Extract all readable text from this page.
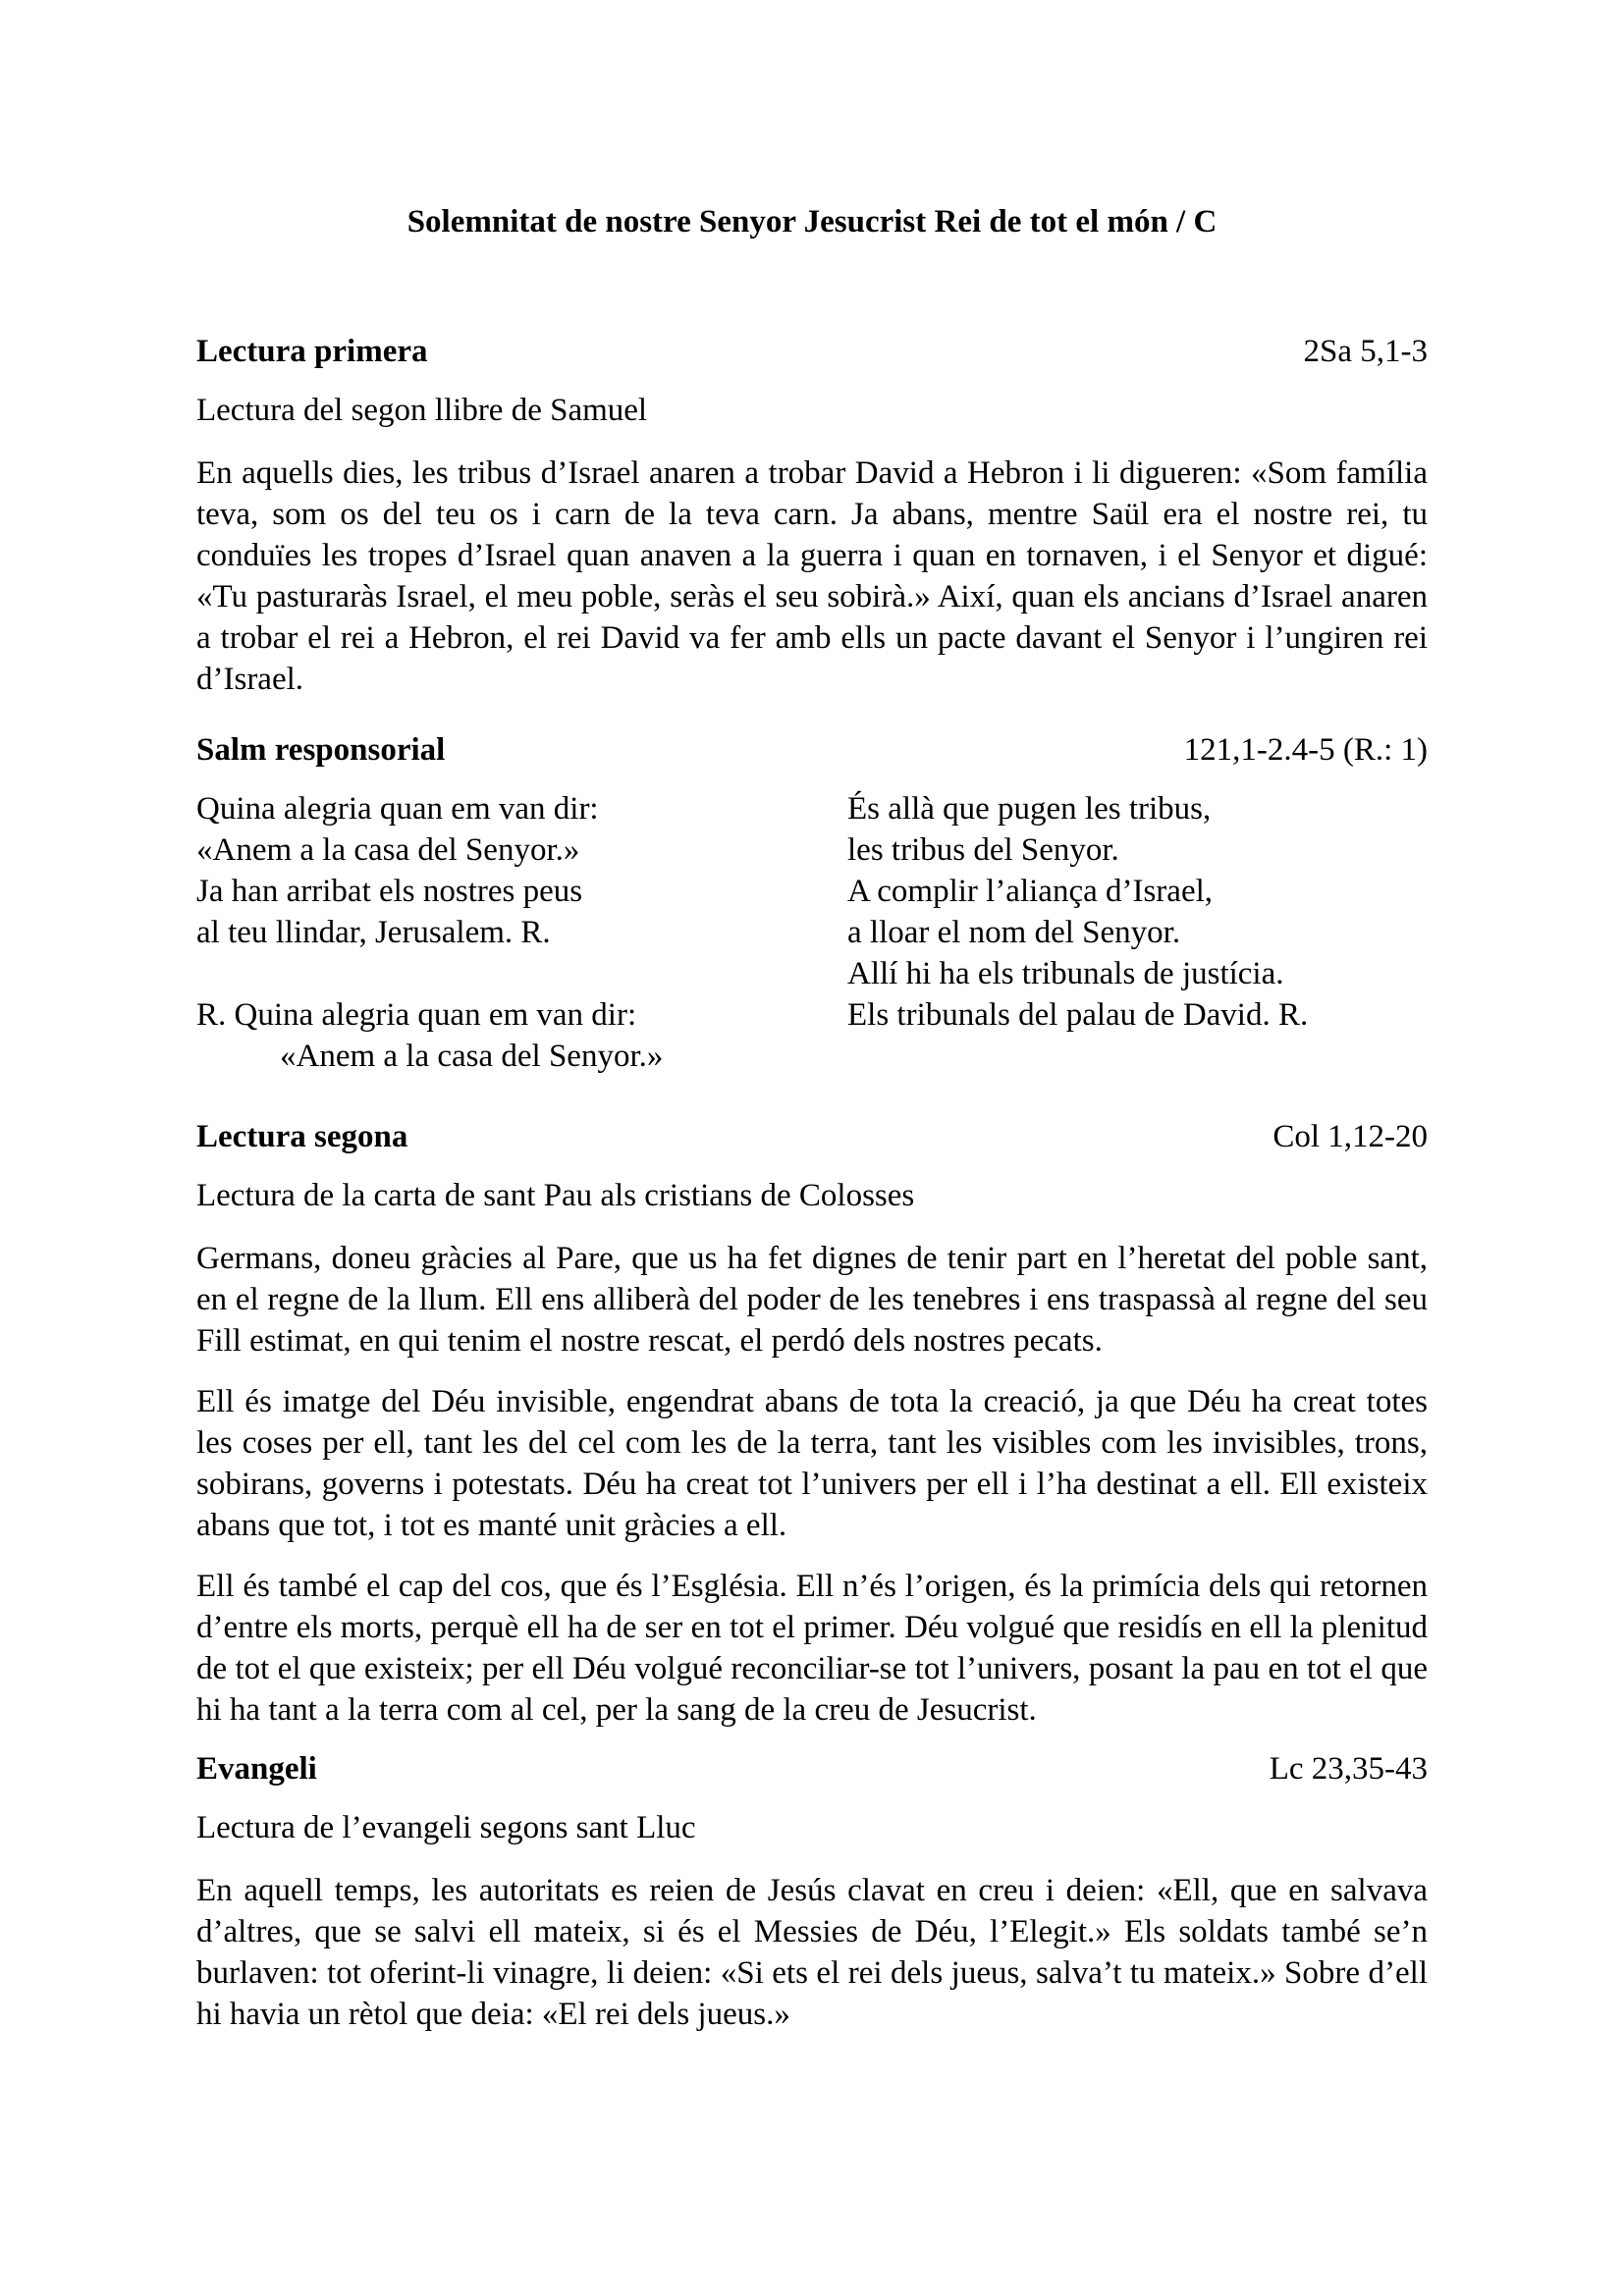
Solemnitat de nostre Senyor Jesucrist Rei de tot el món / C
Lectura primera	2Sa 5,1-3

Lectura del segon llibre de Samuel

En aquells dies, les tribus d’Israel anaren a trobar David a Hebron i li digueren: «Som família teva, som os del teu os i carn de la teva carn. Ja abans, mentre Saül era el nostre rei, tu conduïes les tropes d’Israel quan anaven a la guerra i quan en tornaven, i el Senyor et digué: «Tu pasturaràs Israel, el meu poble, seràs el seu sobirà.» Així, quan els ancians d’Israel anaren a trobar el rei a Hebron, el rei David va fer amb ells un pacte davant el Senyor i l’ungiren rei d’Israel.

Salm responsorial	121,1-2.4-5 (R.: 1)
Quina alegria quan em van dir:
«Anem a la casa del Senyor.»
Ja han arribat els nostres peus
al teu llindar, Jerusalem. R.
R. Quina alegria quan em van dir:
«Anem a la casa del Senyor.»
És allà que pugen les tribus,
les tribus del Senyor.
A complir l’aliança d’Israel,
a lloar el nom del Senyor.
Allí hi ha els tribunals de justícia.
Els tribunals del palau de David. R.
Lectura segona	Col 1,12-20

Lectura de la carta de sant Pau als cristians de Colosses

Germans, doneu gràcies al Pare, que us ha fet dignes de tenir part en l’heretat del poble sant, en el regne de la llum. Ell ens alliberà del poder de les tenebres i ens traspassà al regne del seu Fill estimat, en qui tenim el nostre rescat, el perdó dels nostres pecats.

Ell és imatge del Déu invisible, engendrat abans de tota la creació, ja que Déu ha creat totes les coses per ell, tant les del cel com les de la terra, tant les visibles com les invisibles, trons, sobirans, governs i potestats. Déu ha creat tot l’univers per ell i l’ha destinat a ell. Ell existeix abans que tot, i tot es manté unit gràcies a ell.

Ell és també el cap del cos, que és l’Església. Ell n’és l’origen, és la primícia dels qui retornen d’entre els morts, perquè ell ha de ser en tot el primer. Déu volgué que residís en ell la plenitud de tot el que existeix; per ell Déu volgué reconciliar-se tot l’univers, posant la pau en tot el que hi ha tant a la terra com al cel, per la sang de la creu de Jesucrist.

Evangeli	Lc 23,35-43

Lectura de l’evangeli segons sant Lluc

En aquell temps, les autoritats es reien de Jesús clavat en creu i deien: «Ell, que en salvava d’altres, que se salvi ell mateix, si és el Messies de Déu, l’Elegit.» Els soldats també se’n burlaven: tot oferint-li vinagre, li deien: «Si ets el rei dels jueus, salva’t tu mateix.» Sobre d’ell hi havia un rètol que deia: «El rei dels jueus.»
